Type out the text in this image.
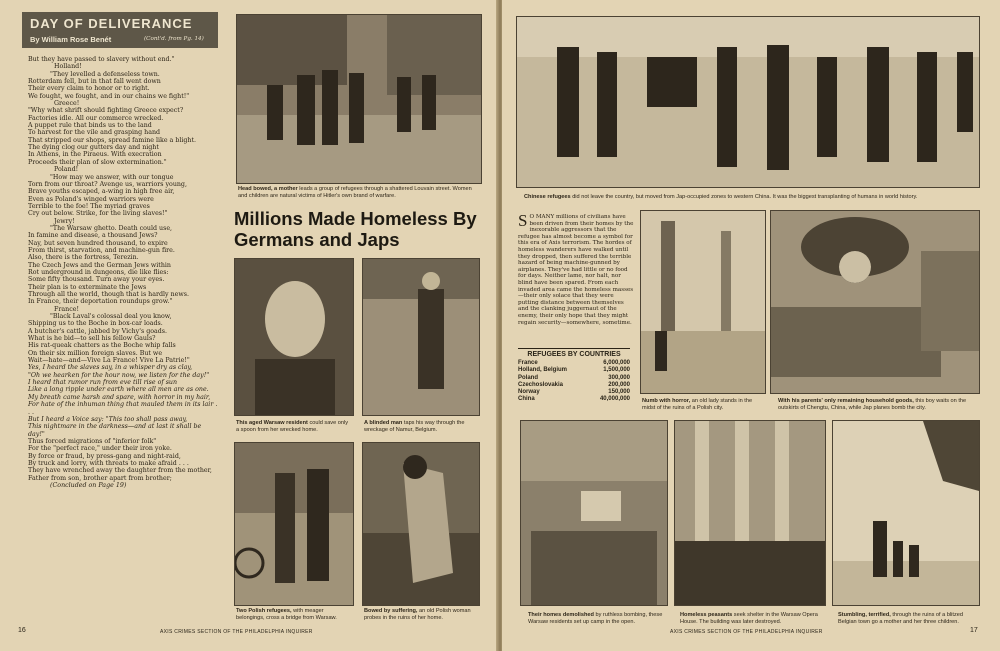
DAY OF DELIVERANCE
By William Rose Benét	(Cont'd. from Pg. 14)

But they have passed to slavery without end."

Holland!

"They levelled a defenseless town.

Rotterdam fell, but in that fall went down

Their every claim to honor or to right.

We fought, we fought, and in our chains we fight!"

Greece!

"Why what shrift should fighting Greece expect?

Factories idle. All our commerce wrecked.

A puppet rule that binds us to the land

To harvest for the vile and grasping hand

That stripped our shops, spread famine like a blight.

The dying clog our gutters day and night

In Athens, in the Piraeus. With execration

Proceeds their plan of slow extermination."

Poland!

"How may we answer, with our tongue

Torn from our throat? Avenge us, warriors young,

Brave youths escaped, a-wing in high free air,

Even as Poland's winged warriors were

Terrible to the foe! The myriad graves

Cry out below. Strike, for the living slaves!"

Jewry!

"The Warsaw ghetto. Death could use,

In famine and disease, a thousand Jews?

Nay, but seven hundred thousand, to expire

From thirst, starvation, and machine-gun fire.

Also, there is the fortress, Terezin.

The Czech Jews and the German Jews within

Rot underground in dungeons, die like flies:

Some fifty thousand. Turn away your eyes.

Their plan is to exterminate the Jews

Through all the world, though that is hardly news.

In France, their deportation roundups grow."

France!

"Black Laval's colossal deal you know,

Shipping us to the Boche in box-car loads.

A butcher's cattle, jabbed by Vichy's goads.

What is he bid—to sell his fellow Gauls?

His rat-queak chatters as the Boche whip falls

On their six million foreign slaves. But we

Wait—hate—and—Vive La France! Vive La Patrie!"

Yes, I heard the slaves say, in a whisper dry as clay,

"Oh we hearken for the hour now, we listen for the day!"

I heard that rumor run from eve till rise of sun

Like a long ripple under earth where all men are as one.

My breath came harsh and spare, with horror in my hair,

For hate of the inhuman thing that mauled them in its lair . . .

But I heard a Voice say: "This too shall pass away,

This nightmare in the darkness—and at last it shall be day!"

Thus forced migrations of "inferior folk"

For the "perfect race," under their iron yoke.

By force or fraud, by press-gang and night-raid,

By truck and lorry, with threats to make afraid . . .

They have wrenched away the daughter from the mother,

Father from son, brother apart from brother;

(Concluded on Page 19)

Head bowed, a mother leads a group of refugees through a shattered Louvain street. Women and children are natural victims of Hitler's own brand of warfare.
Millions Made Homeless By Germans and Japs
This aged Warsaw resident could save only a spoon from her wrecked home.
A blinded man taps his way through the wreckage of Namur, Belgium.
Two Polish refugees, with meager belongings, cross a bridge from Warsaw.
Bowed by suffering, an old Polish woman probes in the ruins of her home.
16	AXIS CRIMES SECTION OF THE PHILADELPHIA INQUIRER
Chinese refugees did not leave the country, but moved from Jap-occupied zones to western China. It was the biggest transplanting of humans in world history.
S O MANY millions of civilians have been driven from their homes by the inexorable aggressors that the refugee has almost become a symbol for this era of Axis terrorism. The hordes of homeless wanderers have walked until they dropped, then suffered the terrible hazard of being machine-gunned by airplanes. They've had little or no food for days. Neither lame, nor halt, nor blind have been spared. From each invaded area came the homeless masses—their only solace that they were putting distance between themselves and the clanking juggernaut of the enemy, their only hope that they might regain security—somewhere, sometime.
REFUGEES BY COUNTRIES
France	6,000,000
Holland, Belgium	1,500,000
Poland	300,000
Czechoslovakia	200,000
Norway	150,000
China	40,000,000 Numb with horror, an old lady stands in the midst of the ruins of a Polish city.
With his parents' only remaining household goods, this boy waits on the outskirts of Chengtu, China, while Jap planes bomb the city.
Their homes demolished by ruthless bombing, these Warsaw residents set up camp in the open.
Homeless peasants seek shelter in the Warsaw Opera House. The building was later destroyed.
Stumbling, terrified, through the ruins of a blitzed Belgian town go a mother and her three children.
AXIS CRIMES SECTION OF THE PHILADELPHIA INQUIRER	17
